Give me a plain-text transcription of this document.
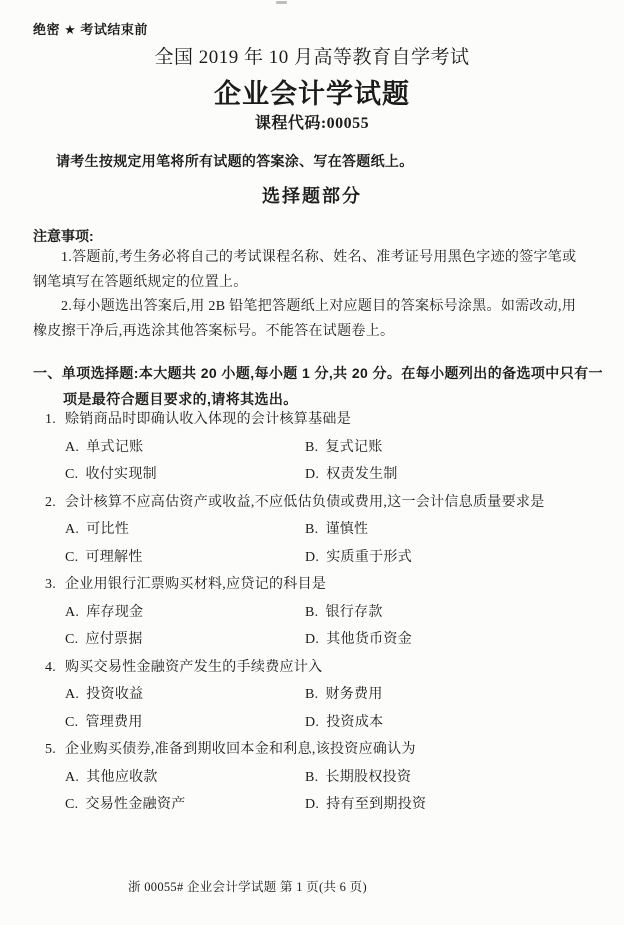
绝密 ★ 考试结束前
全国 2019 年 10 月高等教育自学考试
企业会计学试题
课程代码:00055

请考生按规定用笔将所有试题的答案涂、写在答题纸上。

选择题部分
注意事项:

1.答题前,考生务必将自己的考试课程名称、姓名、准考证号用黑色字迹的签字笔或钢笔填写在答题纸规定的位置上。

2.每小题选出答案后,用 2B 铅笔把答题纸上对应题目的答案标号涂黑。如需改动,用橡皮擦干净后,再选涂其他答案标号。不能答在试题卷上。

一、单项选择题:本大题共 20 小题,每小题 1 分,共 20 分。在每小题列出的备选项中只有一项是最符合题目要求的,请将其选出。
1. 赊销商品时即确认收入体现的会计核算基础是
A. 单式记账	B. 复式记账
C. 收付实现制	D. 权责发生制
2. 会计核算不应高估资产或收益,不应低估负债或费用,这一会计信息质量要求是
A. 可比性	B. 谨慎性
C. 可理解性	D. 实质重于形式
3. 企业用银行汇票购买材料,应贷记的科目是
A. 库存现金	B. 银行存款
C. 应付票据	D. 其他货币资金
4. 购买交易性金融资产发生的手续费应计入
A. 投资收益	B. 财务费用
C. 管理费用	D. 投资成本
5. 企业购买债券,准备到期收回本金和利息,该投资应确认为
A. 其他应收款	B. 长期股权投资
C. 交易性金融资产	D. 持有至到期投资
浙 00055# 企业会计学试题 第 1 页(共 6 页)
